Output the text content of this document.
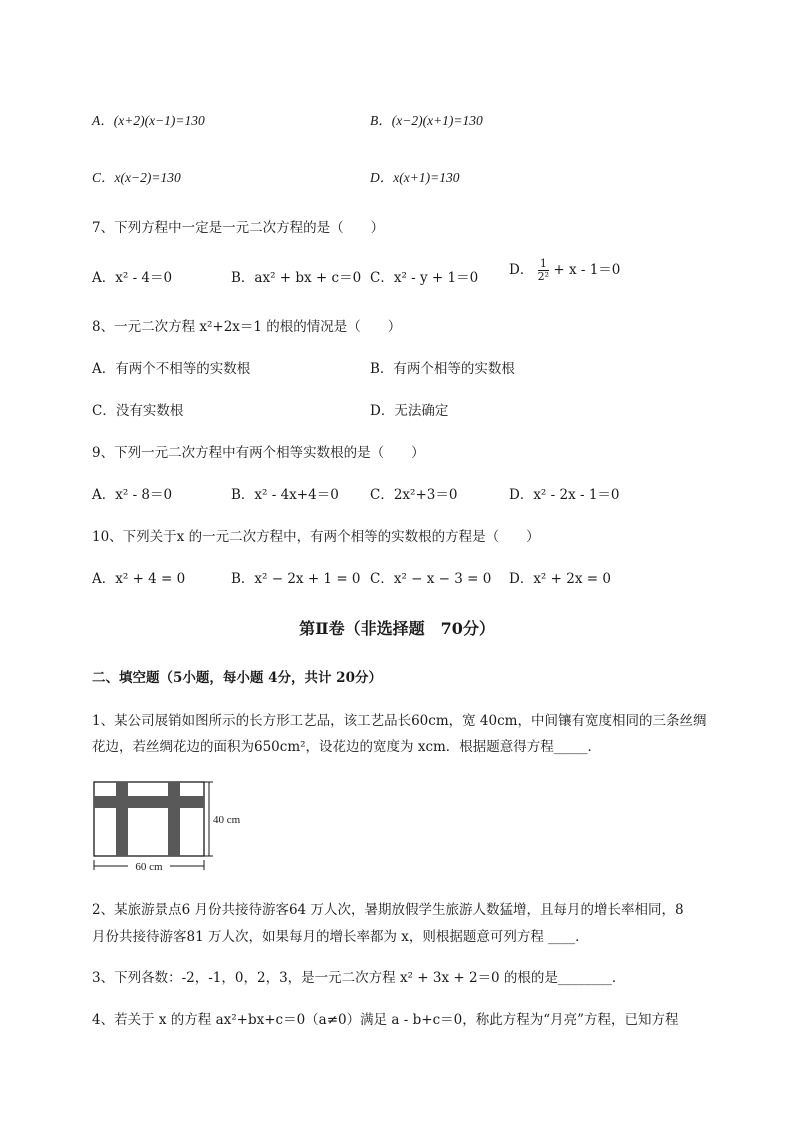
A．(x+2)(x−1)=130	B．(x−2)(x+1)=130
C．x(x−2)=130	D．x(x+1)=130
7、下列方程中一定是一元二次方程的是（　　）
A．x² - 4＝0	B．ax² + bx + c＝0 C．x² - y + 1＝0 D． $\frac{1}{\text{2²}} + x - 1=0$
8、一元二次方程 x²+2x＝1 的根的情况是（　　）
A．有两个不相等的实数根	B．有两个相等的实数根
C．没有实数根	D．无法确定
9、下列一元二次方程中有两个相等实数根的是（　　）
A．x² - 8＝0	B．x² - 4x+4＝0 C．2x²+3＝0	D．x² - 2x - 1＝0
10、下列关于x 的一元二次方程中，有两个相等的实数根的方程是（　　）
A．x² + 4 = 0	B．x² − 2x + 1 = 0 C．x² − x − 3 = 0 D．x² + 2x = 0
第Ⅱ卷（非选择题　70分）
二、填空题（5小题，每小题 4分，共计 20分）
1、某公司展销如图所示的长方形工艺品，该工艺品长60cm，宽 40cm，中间镶有宽度相同的三条丝绸
花边，若丝绸花边的面积为650cm²，设花边的宽度为 xcm．根据题意得方程_____．
60 cm
40 cm
2、某旅游景点6 月份共接待游客64 万人次，暑期放假学生旅游人数猛增，且每月的增长率相同，8
月份共接待游客81 万人次，如果每月的增长率都为 x，则根据题意可列方程 ____．
3、下列各数：-2，-1，0，2，3，是一元二次方程 x² + 3x + 2＝0 的根的是________．
4、若关于 x 的方程 ax²+bx+c＝0（a≠0）满足 a - b+c＝0，称此方程为“月亮”方程，已知方程
